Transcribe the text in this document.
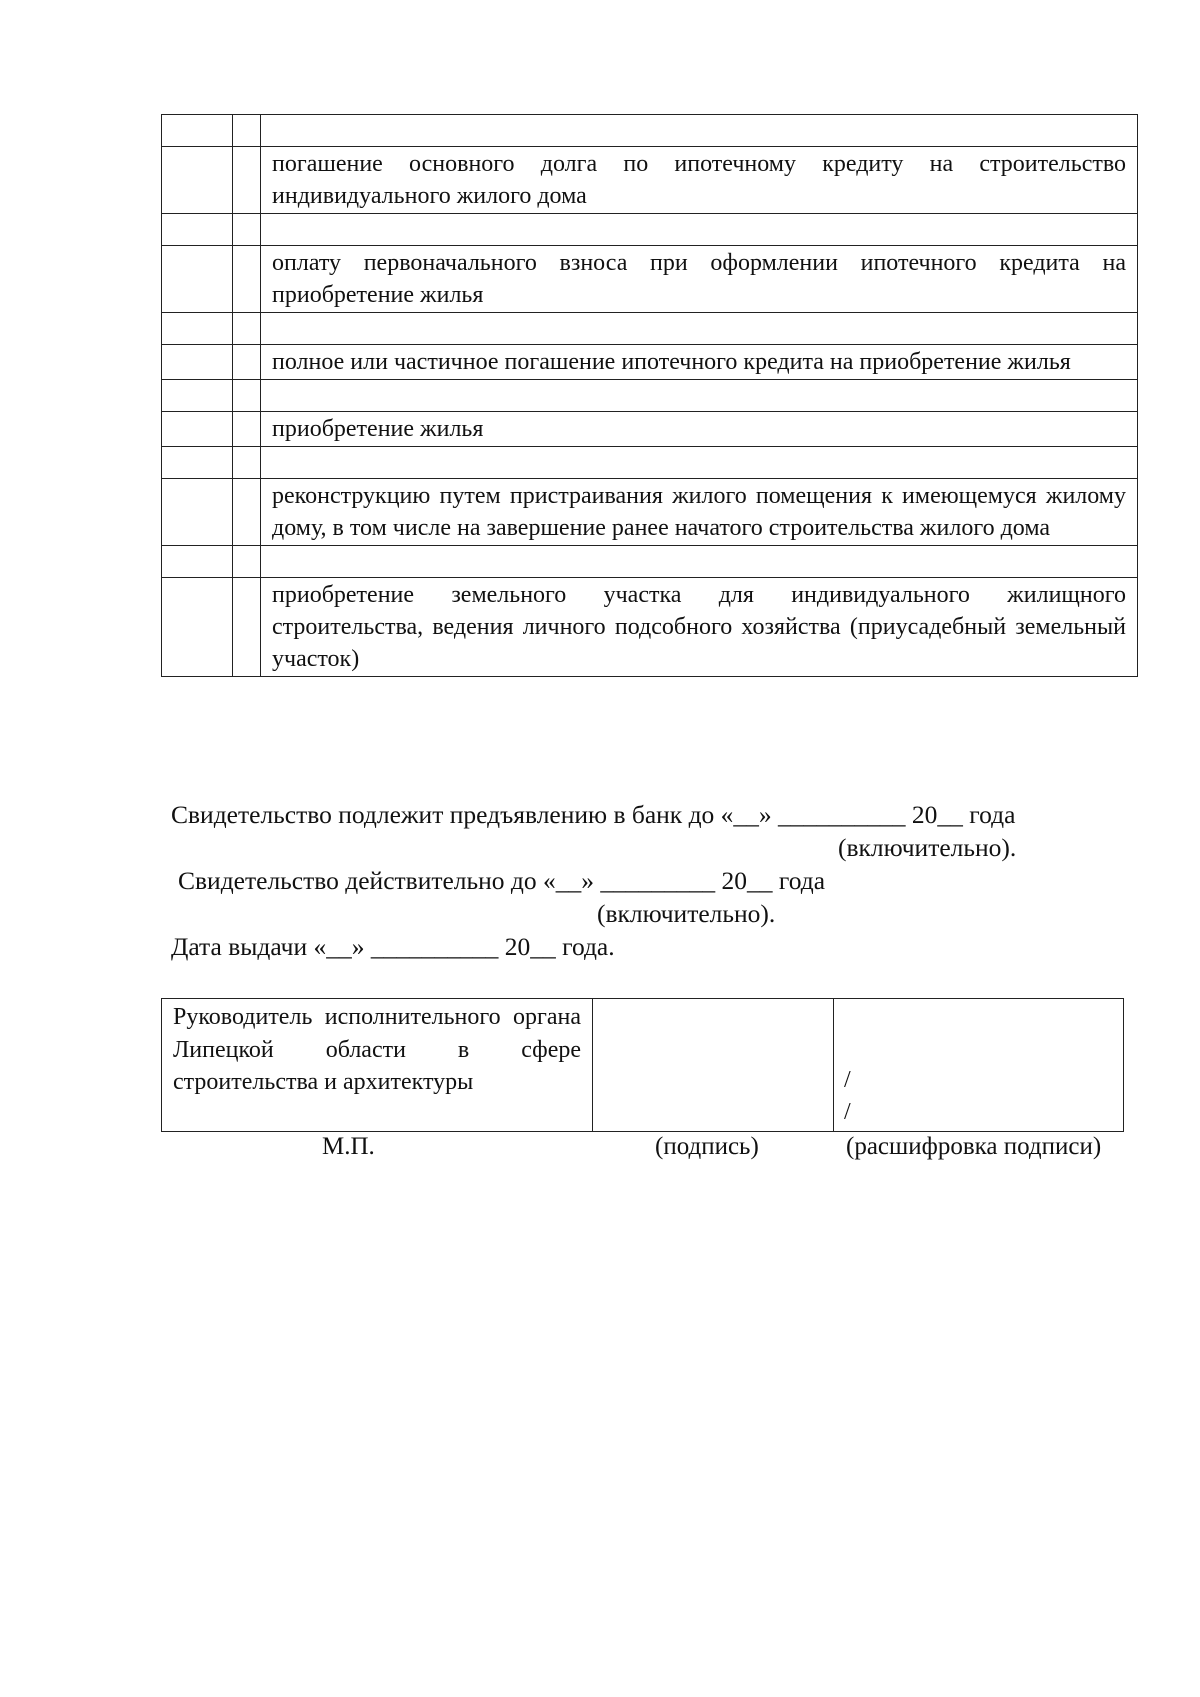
		погашение основного долга по ипотечному кредиту на строительство индивидуального жилого дома

		оплату первоначального взноса при оформлении ипотечного кредита на приобретение жилья

		полное или частичное погашение ипотечного кредита на приобретение жилья

		приобретение жилья

		реконструкцию путем пристраивания жилого помещения к имеющемуся жилому дому, в том числе на завершение ранее начатого строительства жилого дома

		приобретение земельного участка для индивидуального жилищного строительства, ведения личного подсобного хозяйства (приусадебный земельный участок)
Свидетельство подлежит предъявлению в банк до «__» __________ 20__ года
(включительно).
Свидетельство действительно до «__» _________ 20__ года
(включительно).
Дата выдачи «__» __________ 20__ года.
Руководитель исполнительного органа Липецкой области в сфере строительства и архитектуры		/
/
М.П.	(подпись)	(расшифровка подписи)
